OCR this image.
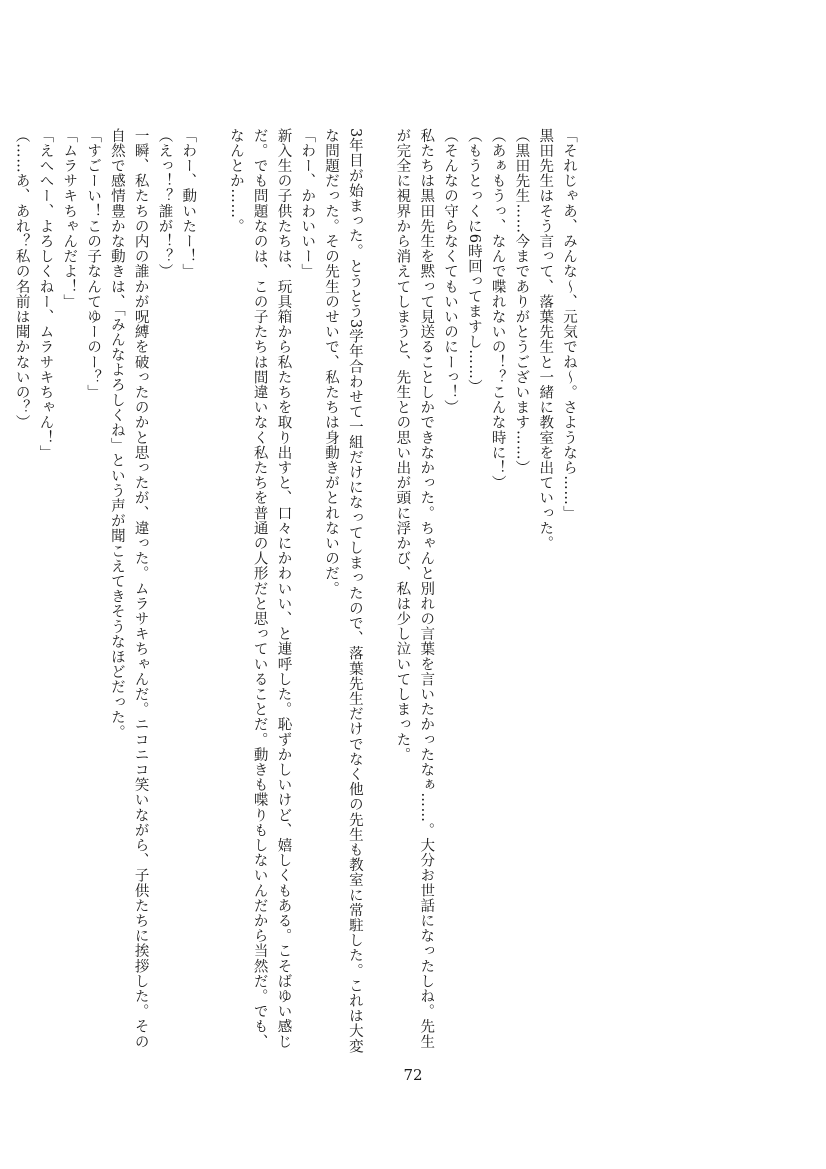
「それじゃあ、みんな〜、元気でね〜。さようなら……」
黒田先生はそう言って、落葉先生と一緒に教室を出ていった。
（黒田先生……今までありがとうございます……）
（あぁもうっ、なんで喋れないの！？こんな時に！）
（もうとっくに6時回ってますし……）
（そんなの守らなくてもいいのにーっ！）
私たちは黒田先生を黙って見送ることしかできなかった。ちゃんと別れの言葉を言いたかったなぁ……。大分お世話になったしね。先生が完全に視界から消えてしまうと、先生との思い出が頭に浮かび、私は少し泣いてしまった。

3年目が始まった。とうとう3学年合わせて一組だけになってしまったので、落葉先生だけでなく他の先生も教室に常駐した。これは大変な問題だった。その先生のせいで、私たちは身動きがとれないのだ。
「わー、かわいいー」
新入生の子供たちは、玩具箱から私たちを取り出すと、口々にかわいい、と連呼した。恥ずかしいけど、嬉しくもある。こそばゆい感じだ。でも問題なのは、この子たちは間違いなく私たちを普通の人形だと思っていることだ。動きも喋りもしないんだから当然だ。でも、なんとか……。

「わー、動いたー！」
（えっ！？誰が！？）
一瞬、私たちの内の誰かが呪縛を破ったのかと思ったが、違った。ムラサキちゃんだ。ニコニコ笑いながら、子供たちに挨拶した。その自然で感情豊かな動きは、「みんなよろしくね」という声が聞こえてきそうなほどだった。
「すごーい！この子なんてゆーのー？」
「ムラサキちゃんだよ！」
「えへへー、よろしくねー、ムラサキちゃん！」
（……あ、あれ？私の名前は聞かないの？）
72
